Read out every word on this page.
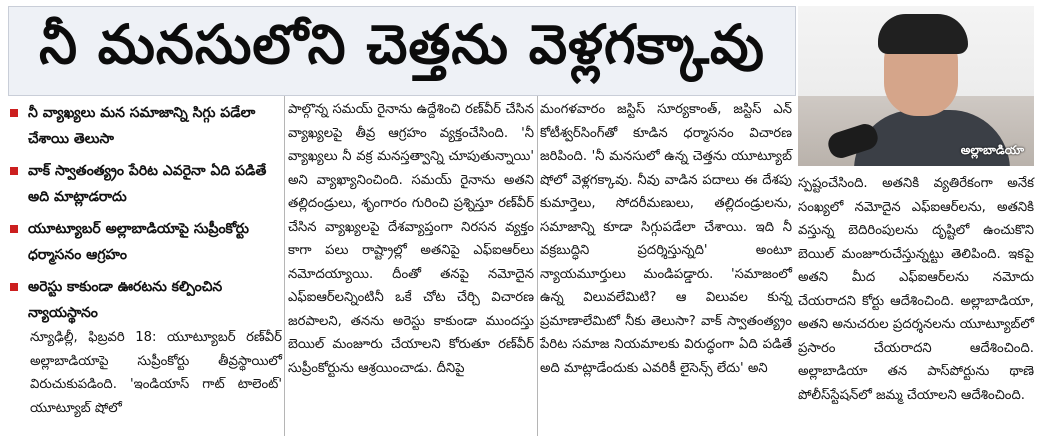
నీ మనసులోని చెత్తను వెళ్లగక్కావు
అల్లాబాడియా
నీ వ్యాఖ్యలు మన సమాజాన్ని సిగ్గు పడేలా చేశాయి తెలుసా
వాక్ స్వాతంత్య్రం పేరిట ఎవరైనా ఏది పడితే అది మాట్లాడరాదు
యూట్యూబర్ అల్లాబాడియాపై సుప్రీంకోర్టు ధర్మాసనం ఆగ్రహం
అరెస్టు కాకుండా ఊరటను కల్పించిన న్యాయస్థానం

న్యూఢిల్లీ, ఫిబ్రవరి 18: యూట్యూబర్ రణ్‌వీర్ అల్లాబాడియాపై సుప్రీంకోర్టు తీవ్రస్థాయిలో విరుచుకుపడింది. 'ఇండియాస్ గాట్ టాలెంట్' యూట్యూబ్ షోలో

పాల్గొన్న సమయ్ రైనాను ఉద్దేశించి రణ్‌వీర్ చేసిన వ్యాఖ్యలపై తీవ్ర ఆగ్రహం వ్యక్తంచేసింది. 'నీ వ్యాఖ్యలు నీ వక్ర మనస్తత్వాన్ని చూపుతున్నాయి' అని వ్యాఖ్యానించింది. సమయ్ రైనాను అతని తల్లిదండ్రులు, శృంగారం గురించి ప్రశ్నిస్తూ రణ్‌వీర్ చేసిన వ్యాఖ్యలపై దేశవ్యాప్తంగా నిరసన వ్యక్తం కాగా పలు రాష్ట్రాల్లో అతనిపై ఎఫ్‌ఐఆర్‌లు నమోదయ్యాయి. దీంతో తనపై నమోదైన ఎఫ్‌ఐఆర్‌లన్నింటినీ ఒకే చోట చేర్చి విచారణ జరపాలని, తనను అరెస్టు కాకుండా ముందస్తు బెయిల్ మంజూరు చేయాలని కోరుతూ రణ్‌వీర్ సుప్రీంకోర్టును ఆశ్రయించాడు. దీనిపై

మంగళవారం జస్టిస్ సూర్యకాంత్, జస్టిస్ ఎన్ కోటీశ్వర్‌సింగ్‌తో కూడిన ధర్మాసనం విచారణ జరిపింది. 'నీ మనసులో ఉన్న చెత్తను యూట్యూబ్ షోలో వెళ్లగక్కావు. నీవు వాడిన పదాలు ఈ దేశపు కుమార్తెలు, సోదరీమణులు, తల్లిదండ్రులను, సమాజాన్ని కూడా సిగ్గుపడేలా చేశాయి. ఇది నీ వక్రబుద్ధిని ప్రదర్శిస్తున్నది' అంటూ న్యాయమూర్తులు మండిపడ్డారు. 'సమాజంలో ఉన్న విలువలేమిటి? ఆ విలువల కున్న ప్రమాణాలేమిటో నీకు తెలుసా? వాక్ స్వాతంత్య్రం పేరిట సమాజ నియమాలకు విరుద్ధంగా ఏది పడితే అది మాట్లాడేందుకు ఎవరికీ లైసెన్స్ లేదు' అని

స్పష్టంచేసింది. అతనికి వ్యతిరేకంగా అనేక సంఖ్యలో నమోదైన ఎఫ్‌ఐఆర్‌లను, అతనికి వస్తున్న బెదిరింపులను దృష్టిలో ఉంచుకొని బెయిల్ మంజూరుచేస్తున్నట్టు తెలిపింది. ఇకపై అతని మీద ఎఫ్‌ఐఆర్‌లను నమోదు చేయరాదని కోర్టు ఆదేశించింది. అల్లాబాడియా, అతని అనుచరుల ప్రదర్శనలను యూట్యూబ్‌లో ప్రసారం చేయరాదని ఆదేశించింది. అల్లాబాడియా తన పాస్‌పోర్టును థాణె పోలీస్‌స్టేషన్‌లో జమ్మ చేయాలని ఆదేశించింది.
